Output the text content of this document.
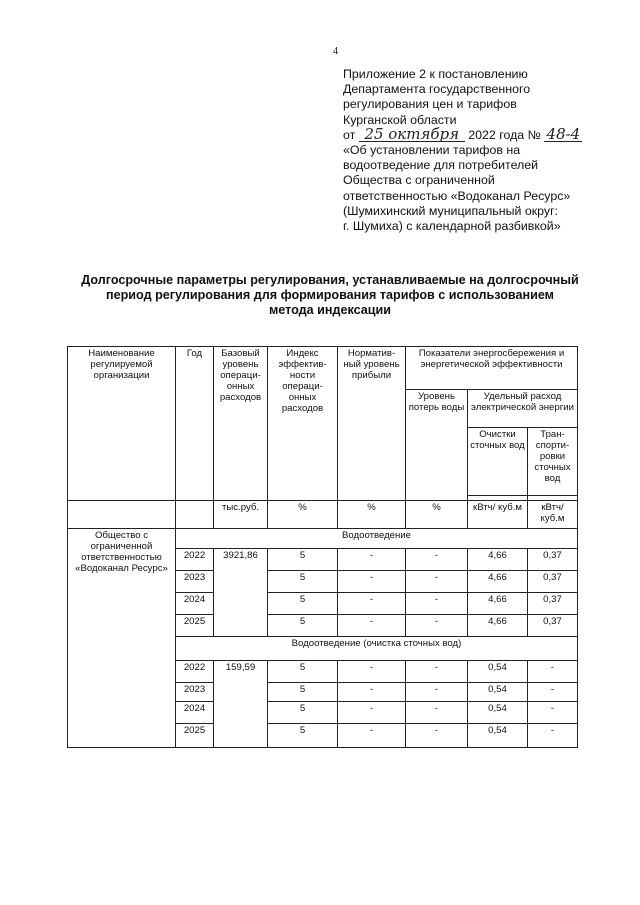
4
Приложение 2 к постановлению
Департамента государственного
регулирования цен и тарифов
Курганской области
от 25 октября 2022 года № 48-4
«Об установлении тарифов на
водоотведение для потребителей
Общества с ограниченной
ответственностью «Водоканал Ресурс»
(Шумихинский муниципальный округ:
г. Шумиха) с календарной разбивкой»
Долгосрочные параметры регулирования, устанавливаемые на долгосрочный
период регулирования для формирования тарифов с использованием
метода индексации
Наименование регулируемой организации	Год	Базовый уровень операци-онных расходов	Индекс эффектив-ности операци-онных расходов	Норматив-ный уровень прибыли	Показатели энергосбережения и энергетической эффективности		
					Уровень потерь воды	Удельный расход электрической энергии	
						Очистки сточных вод	Тран-спорти-ровки сточных вод

		тыс.руб.	%	%	%	кВтч/ куб.м	кВтч/ куб.м
Общество с ограниченной ответственностью «Водоканал Ресурс»	Водоотведение						
	2022	3921,86	5	-	-	4,66	0,37
	2023		5	-	-	4,66	0,37
	2024		5	-	-	4,66	0,37
	2025		5	-	-	4,66	0,37
	Водоотведение (очистка сточных вод)						
	2022	159,59	5	-	-	0,54	-
	2023		5	-	-	0,54	-
	2024		5	-	-	0,54	-
	2025		5	-	-	0,54	-
